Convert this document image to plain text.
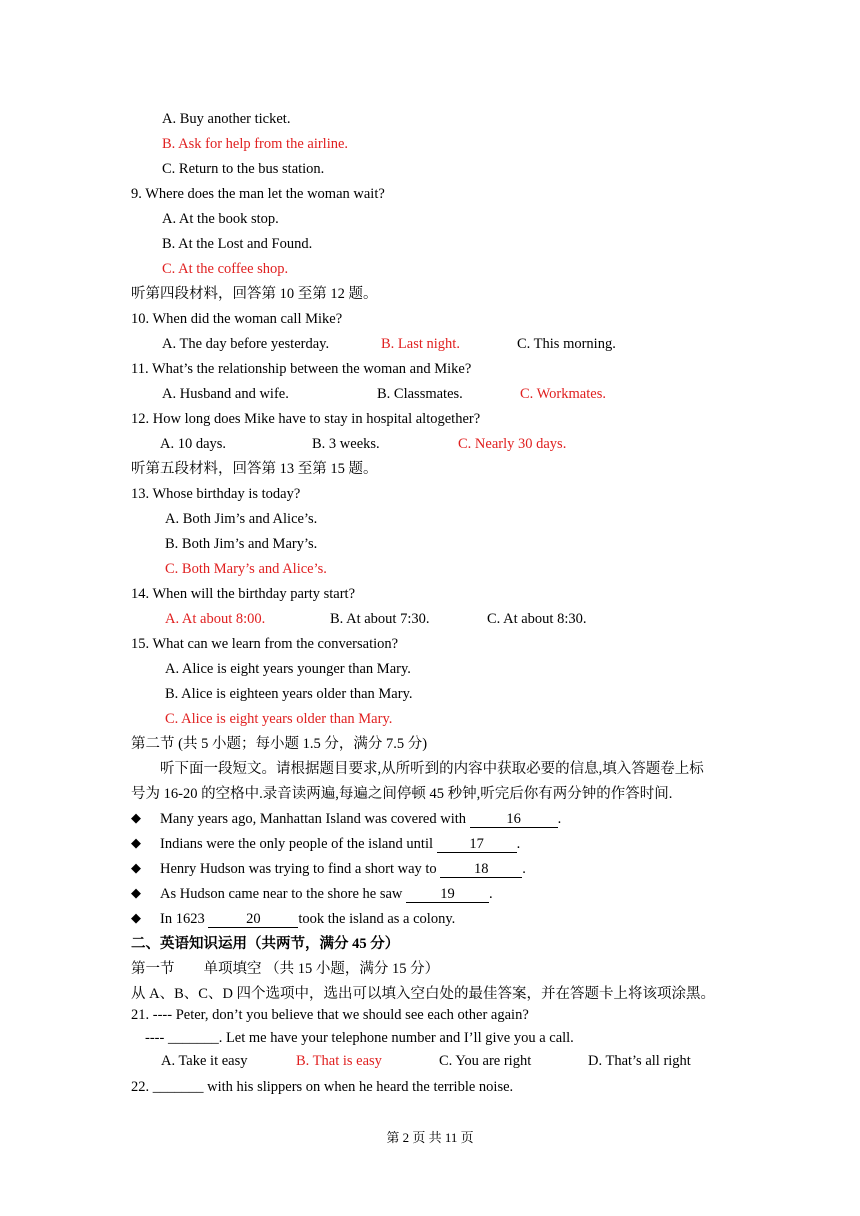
A. Buy another ticket.
B. Ask for help from the airline.
C. Return to the bus station.
9. Where does the man let the woman wait?
A. At the book stop.
B. At the Lost and Found.
C. At the coffee shop.
听第四段材料，回答第 10 至第 12 题。
10. When did the woman call Mike?
A. The day before yesterday.	B. Last night.	C. This morning.
11. What’s the relationship between the woman and Mike?
A. Husband and wife.	B. Classmates.	C. Workmates.
12. How long does Mike have to stay in hospital altogether?
A. 10 days.	B. 3 weeks.	C. Nearly 30 days.
听第五段材料，回答第 13 至第 15 题。
13. Whose birthday is today?
A. Both Jim’s and Alice’s.
B. Both Jim’s and Mary’s.
C. Both Mary’s and Alice’s.
14. When will the birthday party start?
A. At about 8:00.	B. At about 7:30.	C. At about 8:30.
15. What can we learn from the conversation?
A. Alice is eight years younger than Mary.
B. Alice is eighteen years older than Mary.
C. Alice is eight years older than Mary.
第二节 (共 5 小题；每小题 1.5 分，满分 7.5 分)
听下面一段短文。请根据题目要求,从所听到的内容中获取必要的信息,填入答题卷上标
号为 16-20 的空格中.录音读两遍,每遍之间停顿 45 秒钟,听完后你有两分钟的作答时间.
◆ Many years ago, Manhattan Island was covered with	16	.
◆ Indians were the only people of the island until 17 .
◆ Henry Hudson was trying to find a short way to 18 .
◆ As Hudson came near to the shore he saw 19 .
◆ In 1623	20	took the island as a colony.
二、英语知识运用（共两节，满分 45 分）
第一节　　单项填空 （共 15 小题，满分 15 分）
从 A、B、C、D 四个选项中，选出可以填入空白处的最佳答案，并在答题卡上将该项涂黑。
21. ---- Peter, don’t you believe that we should see each other again?
---- _______. Let me have your telephone number and I’ll give you a call.
A. Take it easy	B. That is easy	C. You are right	D. That’s all right
22. _______ with his slippers on when he heard the terrible noise.
第 2 页 共 11 页
